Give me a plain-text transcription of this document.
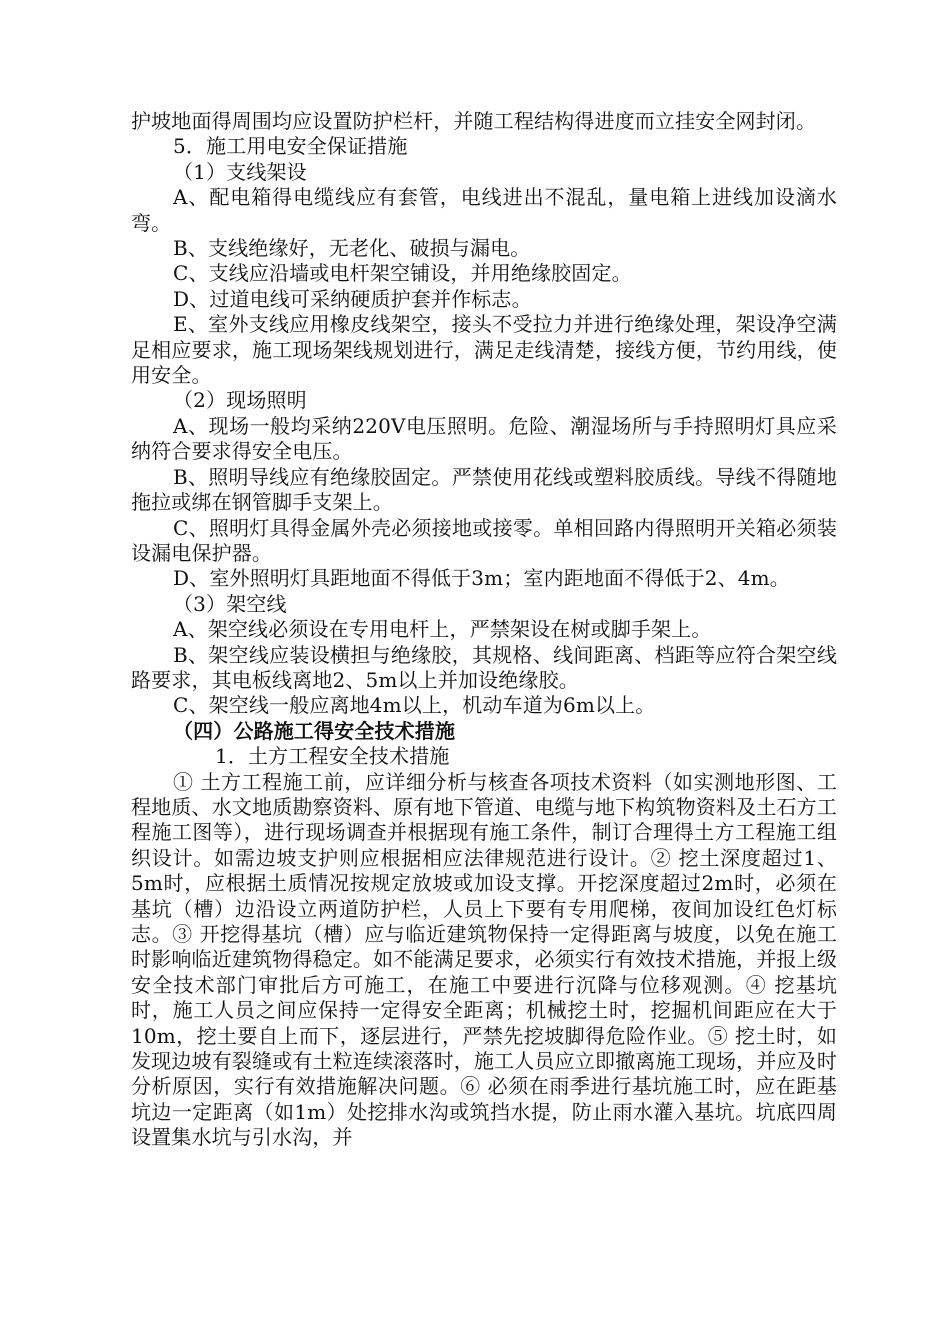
护坡地面得周围均应设置防护栏杆，并随工程结构得进度而立挂安全网封闭。

5．施工用电安全保证措施

（1）支线架设

A、配电箱得电缆线应有套管，电线进出不混乱，量电箱上进线加设滴水弯。

B、支线绝缘好，无老化、破损与漏电。

C、支线应沿墙或电杆架空铺设，并用绝缘胶固定。

D、过道电线可采纳硬质护套并作标志。

E、室外支线应用橡皮线架空，接头不受拉力并进行绝缘处理，架设净空满足相应要求，施工现场架线规划进行，满足走线清楚，接线方便，节约用线，使用安全。

（2）现场照明

A、现场一般均采纳220V电压照明。危险、潮湿场所与手持照明灯具应采纳符合要求得安全电压。

B、照明导线应有绝缘胶固定。严禁使用花线或塑料胶质线。导线不得随地拖拉或绑在钢管脚手支架上。

C、照明灯具得金属外壳必须接地或接零。单相回路内得照明开关箱必须装设漏电保护器。

D、室外照明灯具距地面不得低于3m；室内距地面不得低于2、4m。

（3）架空线

A、架空线必须设在专用电杆上，严禁架设在树或脚手架上。

B、架空线应装设横担与绝缘胶，其规格、线间距离、档距等应符合架空线路要求，其电板线离地2、5m以上并加设绝缘胶。

C、架空线一般应离地4m以上，机动车道为6m以上。

（四）公路施工得安全技术措施

1．土方工程安全技术措施

① 土方工程施工前，应详细分析与核查各项技术资料（如实测地形图、工程地质、水文地质勘察资料、原有地下管道、电缆与地下构筑物资料及土石方工程施工图等），进行现场调查并根据现有施工条件，制订合理得土方工程施工组织设计。如需边坡支护则应根据相应法律规范进行设计。② 挖土深度超过1、5m时，应根据土质情况按规定放坡或加设支撑。开挖深度超过2m时，必须在基坑（槽）边沿设立两道防护栏，人员上下要有专用爬梯，夜间加设红色灯标志。③ 开挖得基坑（槽）应与临近建筑物保持一定得距离与坡度，以免在施工时影响临近建筑物得稳定。如不能满足要求，必须实行有效技术措施，并报上级安全技术部门审批后方可施工，在施工中要进行沉降与位移观测。④ 挖基坑时，施工人员之间应保持一定得安全距离；机械挖土时，挖掘机间距应在大于10m，挖土要自上而下，逐层进行，严禁先挖坡脚得危险作业。⑤ 挖土时，如发现边坡有裂缝或有土粒连续滚落时，施工人员应立即撤离施工现场，并应及时分析原因，实行有效措施解决问题。⑥ 必须在雨季进行基坑施工时，应在距基坑边一定距离（如1m）处挖排水沟或筑挡水提，防止雨水灌入基坑。坑底四周设置集水坑与引水沟，并
